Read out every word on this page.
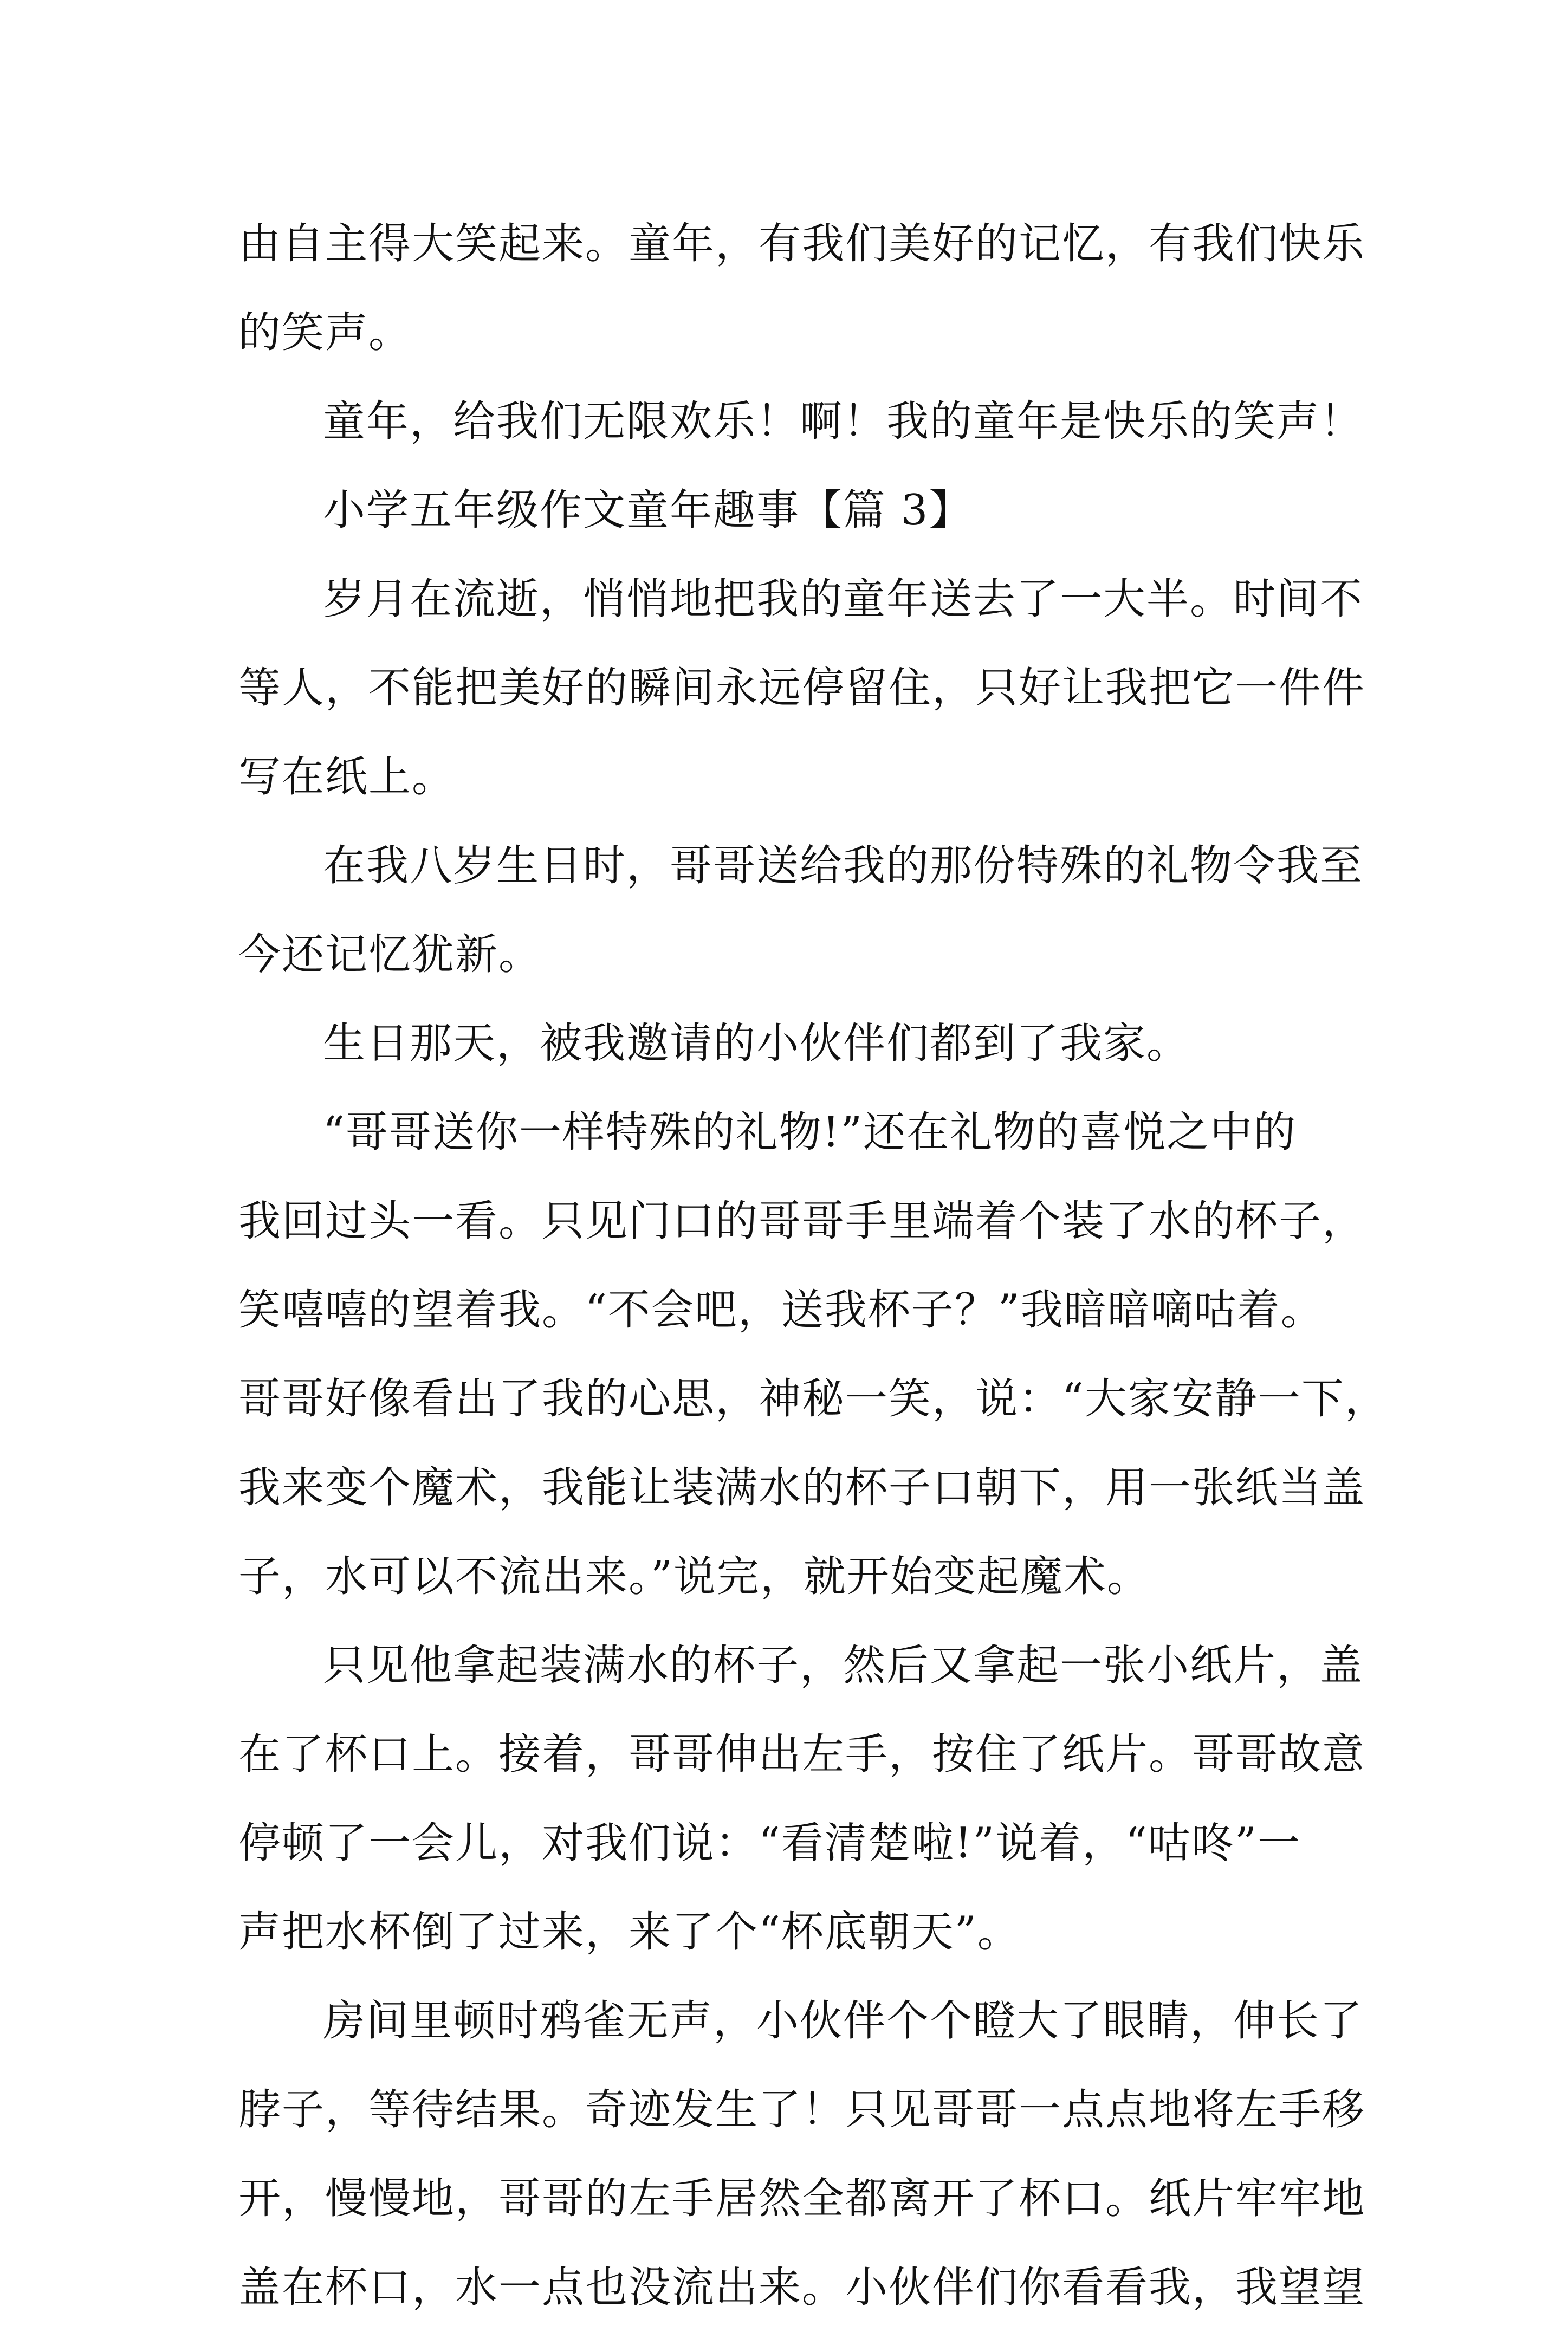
由自主得大笑起来。童年，有我们美好的记忆，有我们快乐
的笑声。
童年，给我们无限欢乐！啊！我的童年是快乐的笑声！
小学五年级作文童年趣事【篇 3】
岁月在流逝，悄悄地把我的童年送去了一大半。时间不
等人，不能把美好的瞬间永远停留住，只好让我把它一件件
写在纸上。
在我八岁生日时，哥哥送给我的那份特殊的礼物令我至
今还记忆犹新。
生日那天，被我邀请的小伙伴们都到了我家。
“哥哥送你一样特殊的礼物!”还在礼物的喜悦之中的
我回过头一看。只见门口的哥哥手里端着个装了水的杯子，
笑嘻嘻的望着我。“不会吧，送我杯子？”我暗暗嘀咕着。
哥哥好像看出了我的心思，神秘一笑，说：“大家安静一下，
我来变个魔术，我能让装满水的杯子口朝下，用一张纸当盖
子，水可以不流出来。”说完，就开始变起魔术。
只见他拿起装满水的杯子，然后又拿起一张小纸片，盖
在了杯口上。接着，哥哥伸出左手，按住了纸片。哥哥故意
停顿了一会儿，对我们说：“看清楚啦!”说着，“咕咚”一
声把水杯倒了过来，来了个“杯底朝天”。
房间里顿时鸦雀无声，小伙伴个个瞪大了眼睛，伸长了
脖子，等待结果。奇迹发生了！只见哥哥一点点地将左手移
开，慢慢地，哥哥的左手居然全都离开了杯口。纸片牢牢地
盖在杯口，水一点也没流出来。小伙伴们你看看我，我望望
